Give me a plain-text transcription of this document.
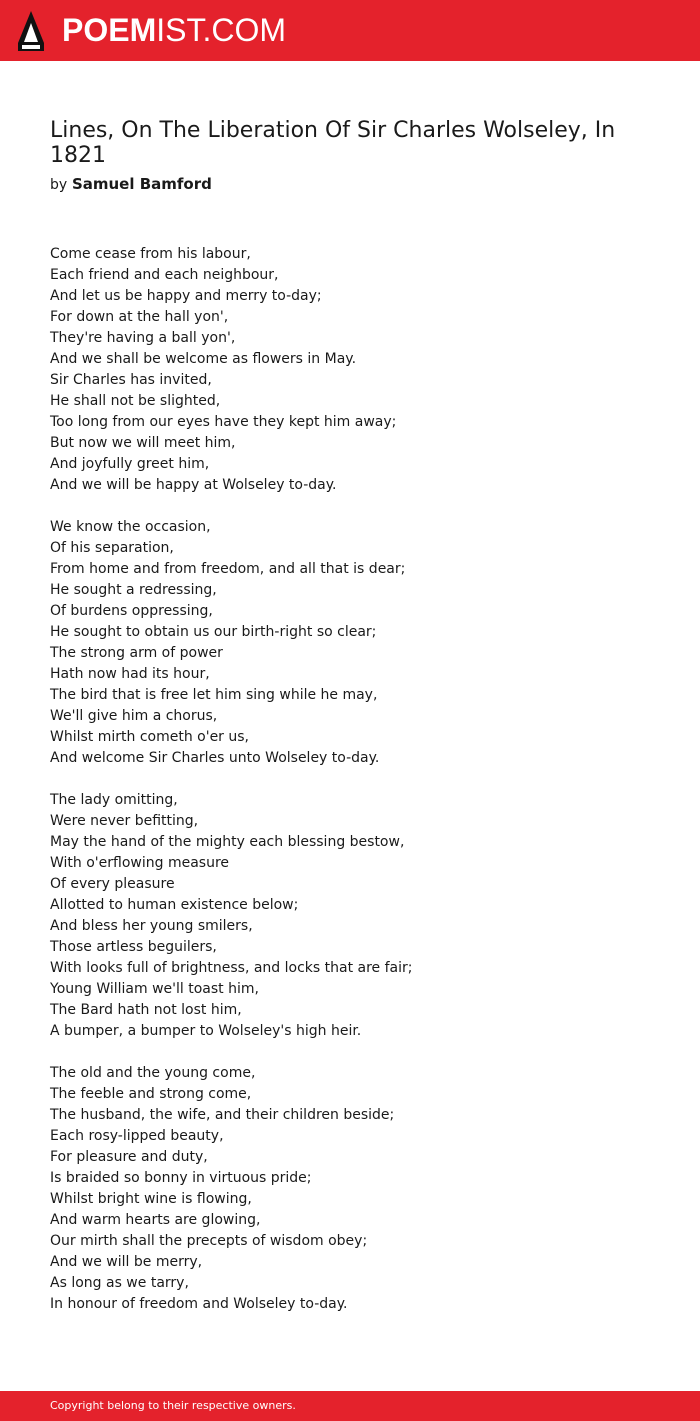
POEMIST.COM
Lines, On The Liberation Of Sir Charles Wolseley, In 1821
by Samuel Bamford
Come cease from his labour,
Each friend and each neighbour,
And let us be happy and merry to-day;
For down at the hall yon',
They're having a ball yon',
And we shall be welcome as flowers in May.
Sir Charles has invited,
He shall not be slighted,
Too long from our eyes have they kept him away;
But now we will meet him,
And joyfully greet him,
And we will be happy at Wolseley to-day.
We know the occasion,
Of his separation,
From home and from freedom, and all that is dear;
He sought a redressing,
Of burdens oppressing,
He sought to obtain us our birth-right so clear;
The strong arm of power
Hath now had its hour,
The bird that is free let him sing while he may,
We'll give him a chorus,
Whilst mirth cometh o'er us,
And welcome Sir Charles unto Wolseley to-day.
The lady omitting,
Were never befitting,
May the hand of the mighty each blessing bestow,
With o'erflowing measure
Of every pleasure
Allotted to human existence below;
And bless her young smilers,
Those artless beguilers,
With looks full of brightness, and locks that are fair;
Young William we'll toast him,
The Bard hath not lost him,
A bumper, a bumper to Wolseley's high heir.
The old and the young come,
The feeble and strong come,
The husband, the wife, and their children beside;
Each rosy-lipped beauty,
For pleasure and duty,
Is braided so bonny in virtuous pride;
Whilst bright wine is flowing,
And warm hearts are glowing,
Our mirth shall the precepts of wisdom obey;
And we will be merry,
As long as we tarry,
In honour of freedom and Wolseley to-day.
Copyright belong to their respective owners.
